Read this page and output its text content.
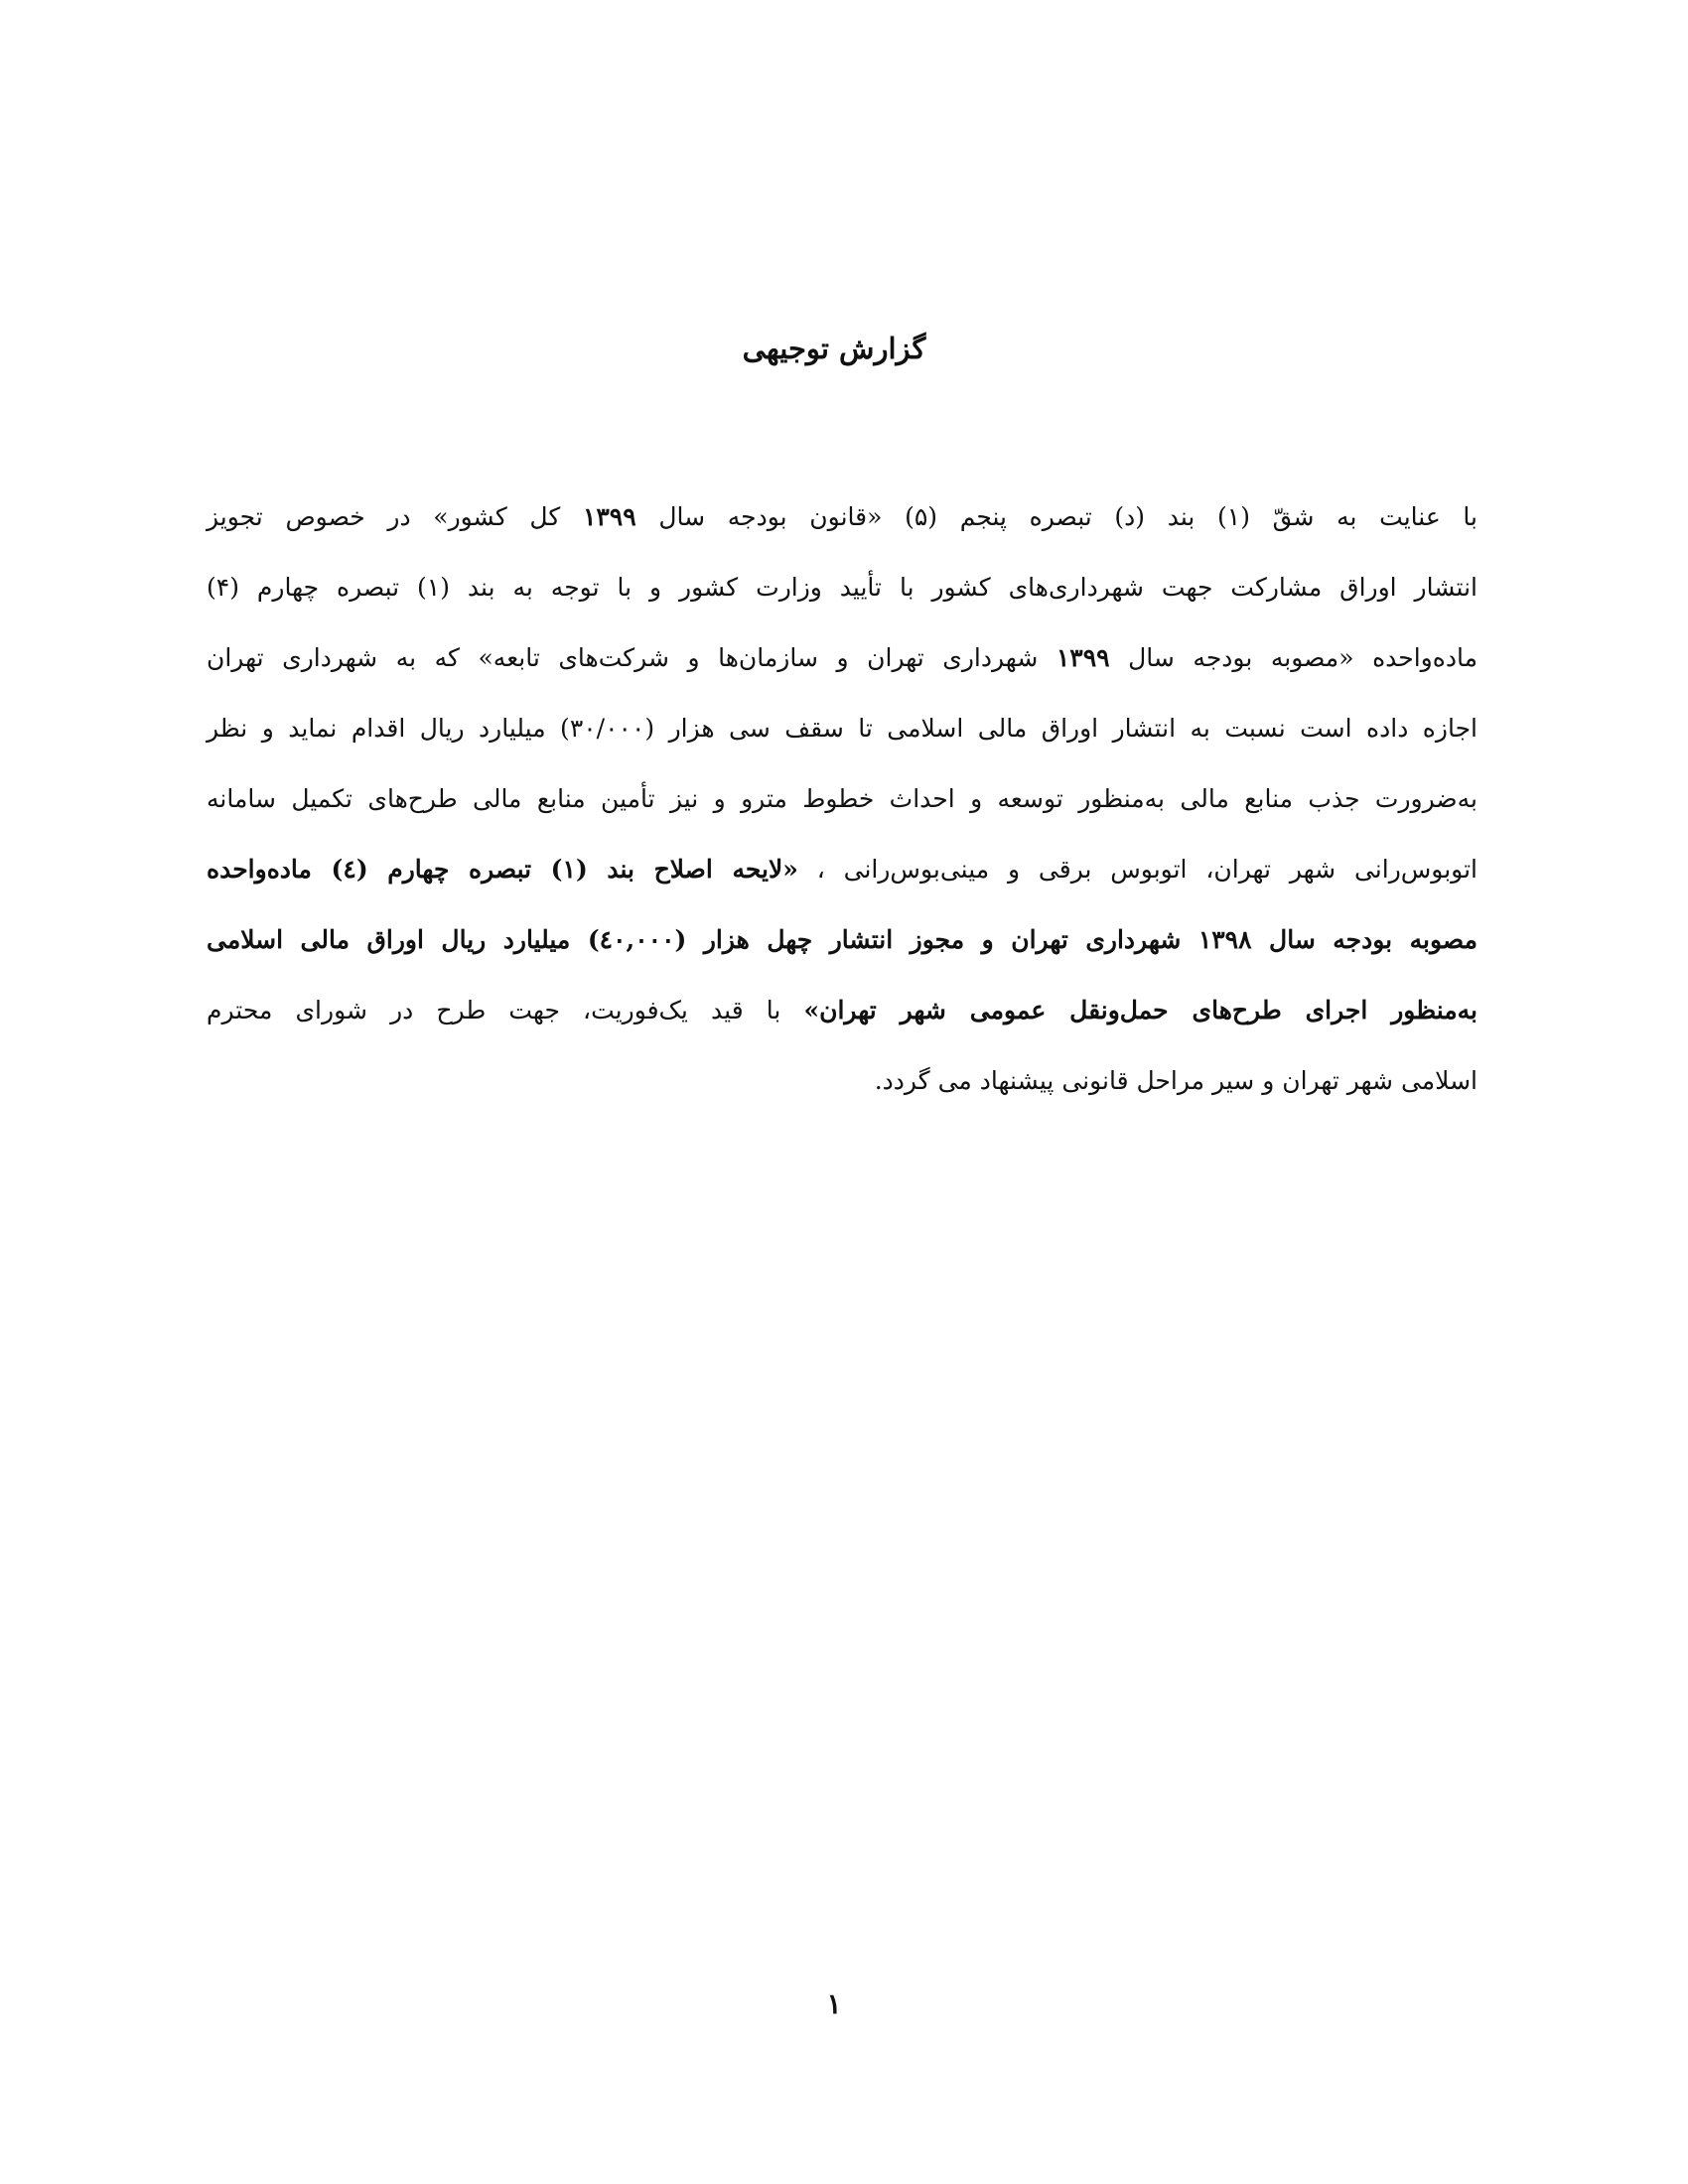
گزارش توجیهی
با عنایت به شقّ (۱) بند (د) تبصره پنجم (۵) «قانون بودجه سال ۱۳۹۹ کل کشور» در خصوص تجویز
انتشار اوراق مشارکت جهت شهرداری‌های کشور با تأیید وزارت کشور و با توجه به بند (۱) تبصره چهارم (۴)
ماده‌واحده «مصوبه بودجه سال ۱۳۹۹ شهرداری تهران و سازمان‌ها و شرکت‌های تابعه» که به شهرداری تهران
اجازه داده است نسبت به انتشار اوراق مالی اسلامی تا سقف سی هزار (۳۰/۰۰۰) میلیارد ریال اقدام نماید و نظر
به‌ضرورت جذب منابع مالی به‌منظور توسعه و احداث خطوط مترو و نیز تأمین منابع مالی طرح‌های تکمیل سامانه
اتوبوس‌رانی شهر تهران، اتوبوس برقی و مینی‌بوس‌رانی ، «لایحه اصلاح بند (۱) تبصره چهارم (٤) ماده‌واحده
مصوبه بودجه سال ۱۳۹۸ شهرداری تهران و مجوز انتشار چهل هزار (٤٠,٠٠٠) میلیارد ریال اوراق مالی اسلامی
به‌منظور اجرای طرح‌های حمل‌ونقل عمومی شهر تهران» با قید یک‌فوریت، جهت طرح در شورای محترم
اسلامی شهر تهران و سیر مراحل قانونی پیشنهاد می گردد.
۱
